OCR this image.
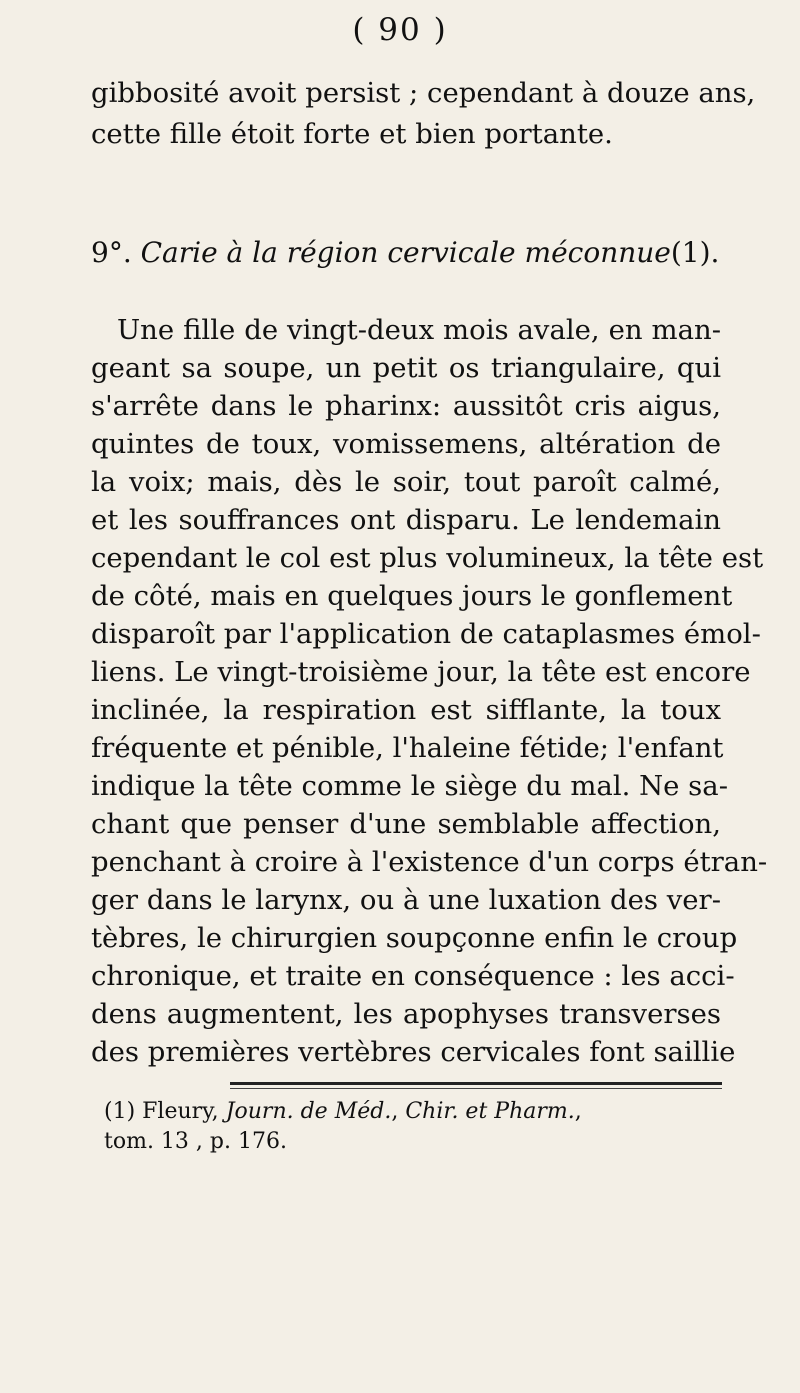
( 90 )
gibbosité avoit persist ; cependant à douze ans,
cette fille étoit forte et bien portante.
9°. Carie à la région cervicale méconnue(1).
Une fille de vingt-deux mois avale, en man-
geant sa soupe, un petit os triangulaire, qui
s'arrête dans le pharinx: aussitôt cris aigus,
quintes de toux, vomissemens, altération de
la voix; mais, dès le soir, tout paroît calmé,
et les souffrances ont disparu. Le lendemain
cependant le col est plus volumineux, la tête est
de côté, mais en quelques jours le gonflement
disparoît par l'application de cataplasmes émol-
liens. Le vingt-troisième jour, la tête est encore
inclinée, la respiration est sifflante, la toux
fréquente et pénible, l'haleine fétide; l'enfant
indique la tête comme le siège du mal. Ne sa-
chant que penser d'une semblable affection,
penchant à croire à l'existence d'un corps étran-
ger dans le larynx, ou à une luxation des ver-
tèbres, le chirurgien soupçonne enfin le croup
chronique, et traite en conséquence : les acci-
dens augmentent, les apophyses transverses
des premières vertèbres cervicales font saillie
(1) Fleury, Journ. de Méd., Chir. et Pharm.,
tom. 13 , p. 176.
